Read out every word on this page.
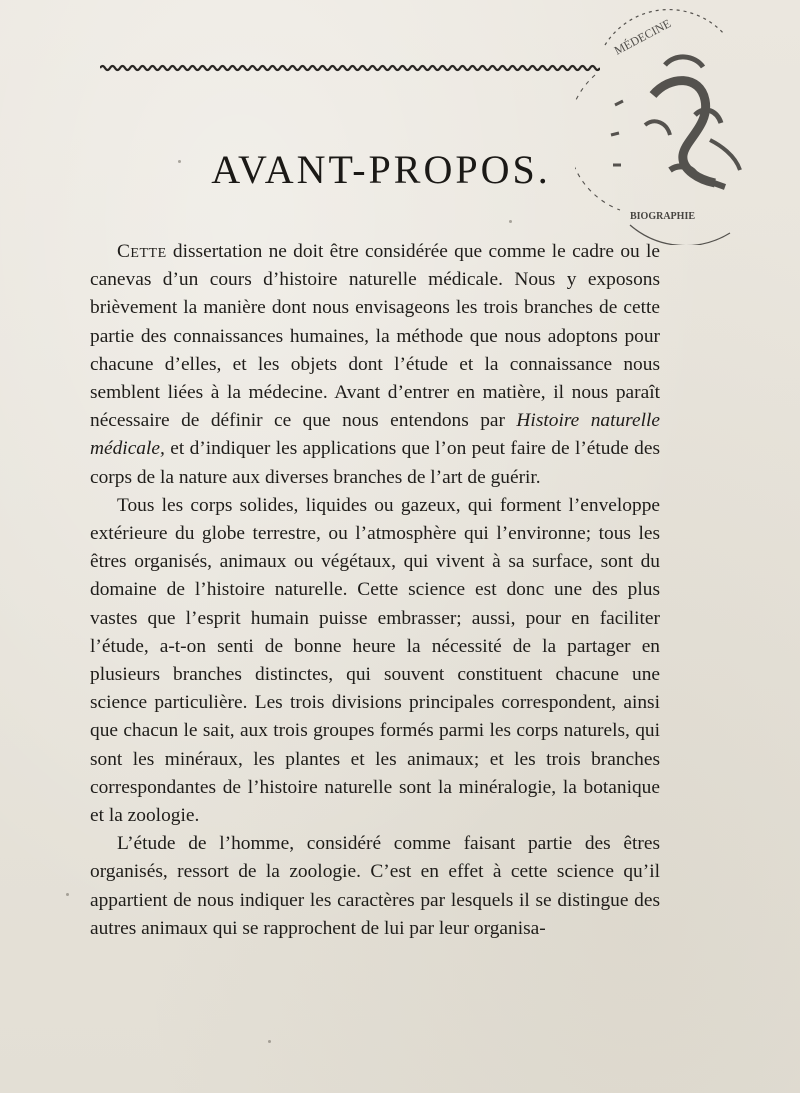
MÉDECINE
BIOGRAPHIE
AVANT-PROPOS.

Cette dissertation ne doit être considérée que comme le cadre ou le canevas d’un cours d’histoire naturelle médicale. Nous y exposons brièvement la manière dont nous envisageons les trois branches de cette partie des connaissances humaines, la méthode que nous adoptons pour chacune d’elles, et les objets dont l’étude et la connaissance nous semblent liées à la médecine. Avant d’entrer en matière, il nous paraît nécessaire de définir ce que nous entendons par Histoire naturelle médicale, et d’indiquer les applications que l’on peut faire de l’étude des corps de la nature aux diverses branches de l’art de guérir.

Tous les corps solides, liquides ou gazeux, qui forment l’enveloppe extérieure du globe terrestre, ou l’atmosphère qui l’environne; tous les êtres organisés, animaux ou végétaux, qui vivent à sa surface, sont du domaine de l’histoire naturelle. Cette science est donc une des plus vastes que l’esprit humain puisse embrasser; aussi, pour en faciliter l’étude, a-t-on senti de bonne heure la nécessité de la partager en plusieurs branches distinctes, qui souvent constituent chacune une science particulière. Les trois divisions principales correspondent, ainsi que chacun le sait, aux trois groupes formés parmi les corps naturels, qui sont les minéraux, les plantes et les animaux; et les trois branches correspondantes de l’histoire naturelle sont la minéralogie, la botanique et la zoologie.

L’étude de l’homme, considéré comme faisant partie des êtres organisés, ressort de la zoologie. C’est en effet à cette science qu’il appartient de nous indiquer les caractères par lesquels il se distingue des autres animaux qui se rapprochent de lui par leur organisa-
